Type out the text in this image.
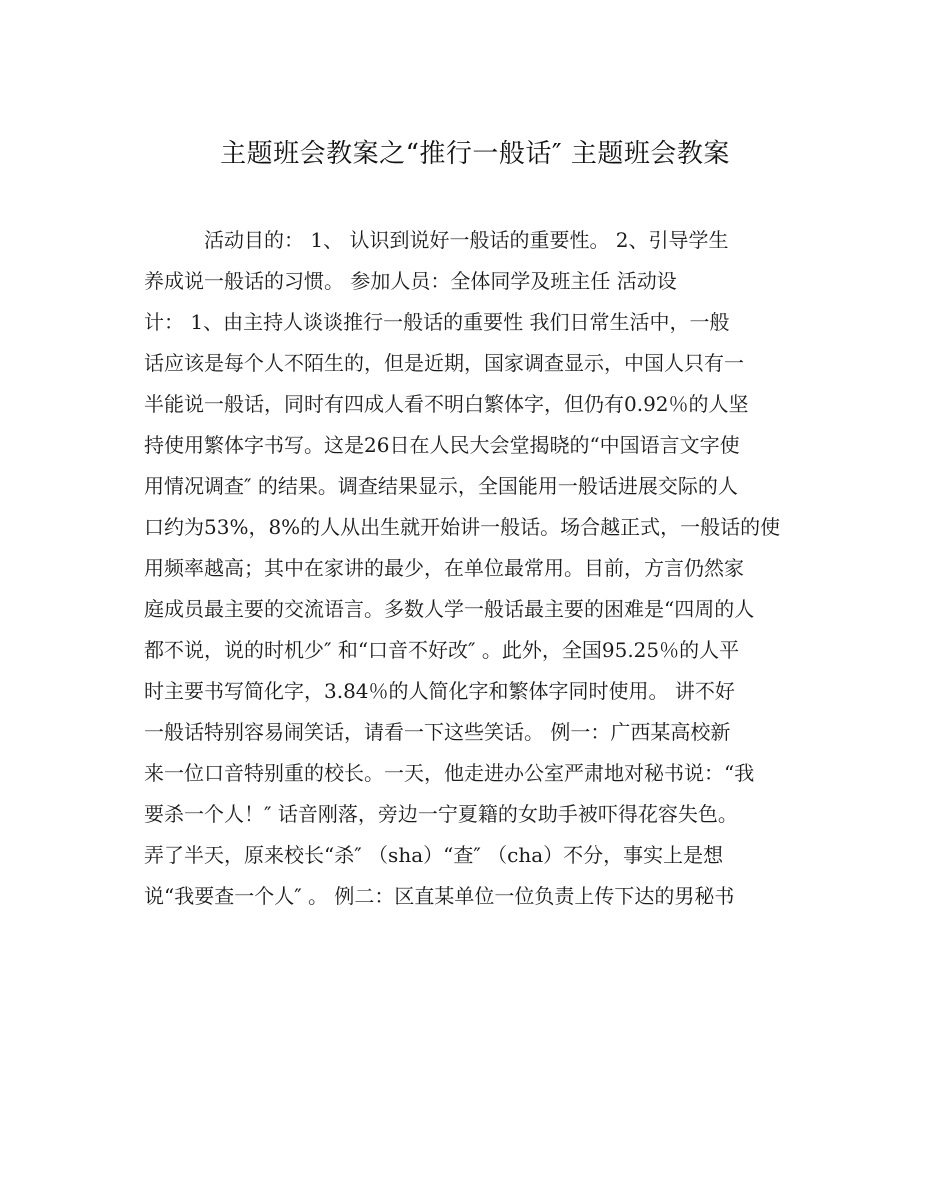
主题班会教案之“推行一般话″ 主题班会教案
活动目的： 1、 认识到说好一般话的重要性。 2、引导学生
养成说一般话的习惯。 参加人员：全体同学及班主任 活动设
计： 1、由主持人谈谈推行一般话的重要性 我们日常生活中，一般
话应该是每个人不陌生的，但是近期，国家调查显示，中国人只有一
半能说一般话，同时有四成人看不明白繁体字，但仍有0.92％的人坚
持使用繁体字书写。这是26日在人民大会堂揭晓的“中国语言文字使
用情况调查″ 的结果。调查结果显示，全国能用一般话进展交际的人
口约为53%，8%的人从出生就开始讲一般话。场合越正式，一般话的使
用频率越高；其中在家讲的最少，在单位最常用。目前，方言仍然家
庭成员最主要的交流语言。多数人学一般话最主要的困难是“四周的人
都不说，说的时机少″ 和“口音不好改″ 。此外，全国95.25％的人平
时主要书写简化字，3.84％的人简化字和繁体字同时使用。 讲不好
一般话特别容易闹笑话，请看一下这些笑话。 例一：广西某高校新
来一位口音特别重的校长。一天，他走进办公室严肃地对秘书说：“我
要杀一个人！″ 话音刚落，旁边一宁夏籍的女助手被吓得花容失色。
弄了半天，原来校长“杀″ （sha）“查″ （cha）不分，事实上是想
说“我要查一个人″ 。 例二：区直某单位一位负责上传下达的男秘书
